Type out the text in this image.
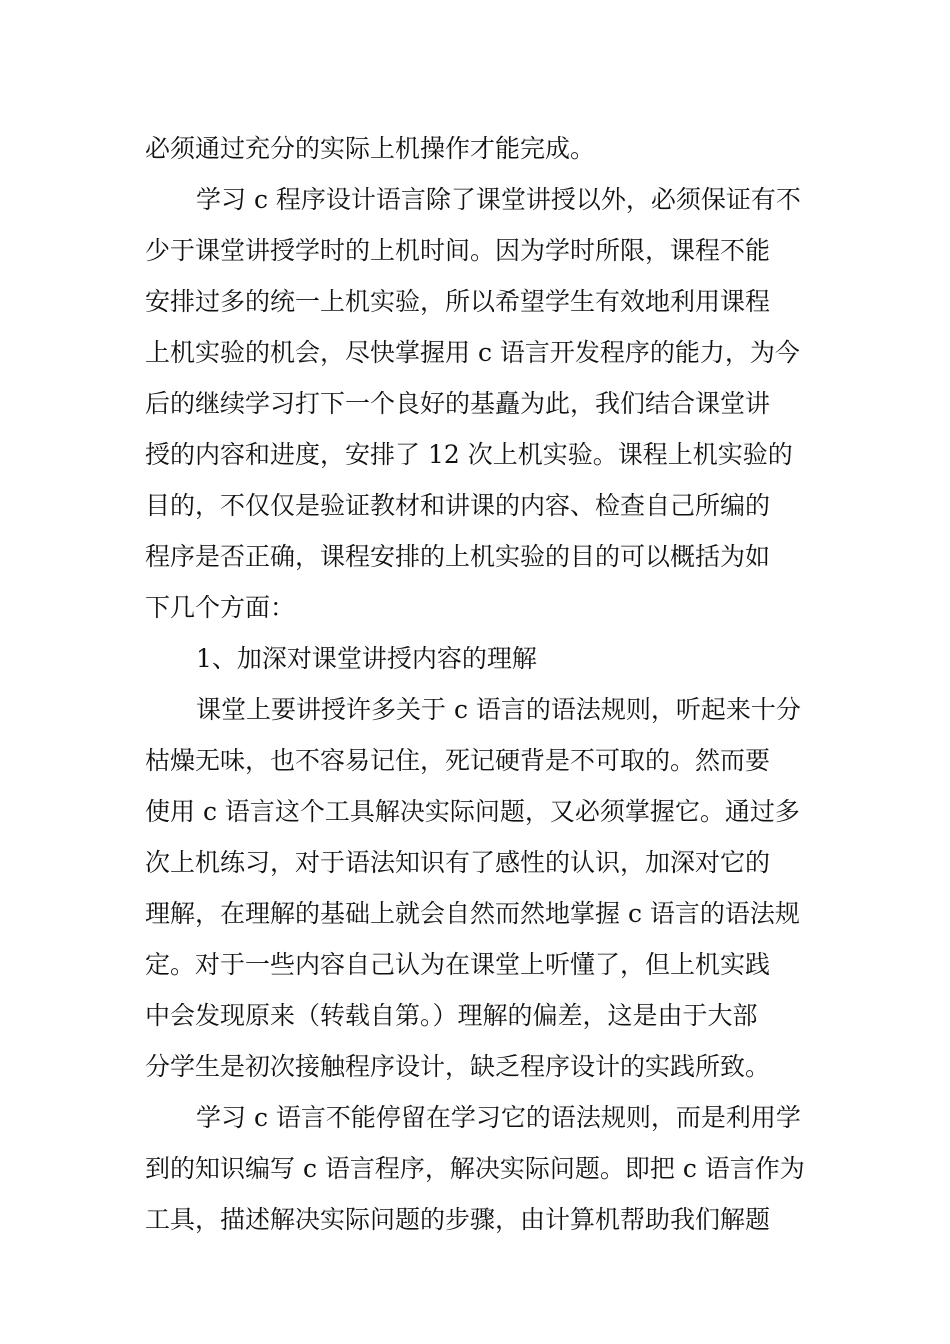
必须通过充分的实际上机操作才能完成。
学习 c 程序设计语言除了课堂讲授以外，必须保证有不
少于课堂讲授学时的上机时间。因为学时所限，课程不能
安排过多的统一上机实验，所以希望学生有效地利用课程
上机实验的机会，尽快掌握用 c 语言开发程序的能力，为今
后的继续学习打下一个良好的基矗为此，我们结合课堂讲
授的内容和进度，安排了 12 次上机实验。课程上机实验的
目的，不仅仅是验证教材和讲课的内容、检查自己所编的
程序是否正确，课程安排的上机实验的目的可以概括为如
下几个方面：
1、加深对课堂讲授内容的理解
课堂上要讲授许多关于 c 语言的语法规则，听起来十分
枯燥无味，也不容易记住，死记硬背是不可取的。然而要
使用 c 语言这个工具解决实际问题，又必须掌握它。通过多
次上机练习，对于语法知识有了感性的认识，加深对它的
理解，在理解的基础上就会自然而然地掌握 c 语言的语法规
定。对于一些内容自己认为在课堂上听懂了，但上机实践
中会发现原来（转载自第。）理解的偏差，这是由于大部
分学生是初次接触程序设计，缺乏程序设计的实践所致。
学习 c 语言不能停留在学习它的语法规则，而是利用学
到的知识编写 c 语言程序，解决实际问题。即把 c 语言作为
工具，描述解决实际问题的步骤，由计算机帮助我们解题
